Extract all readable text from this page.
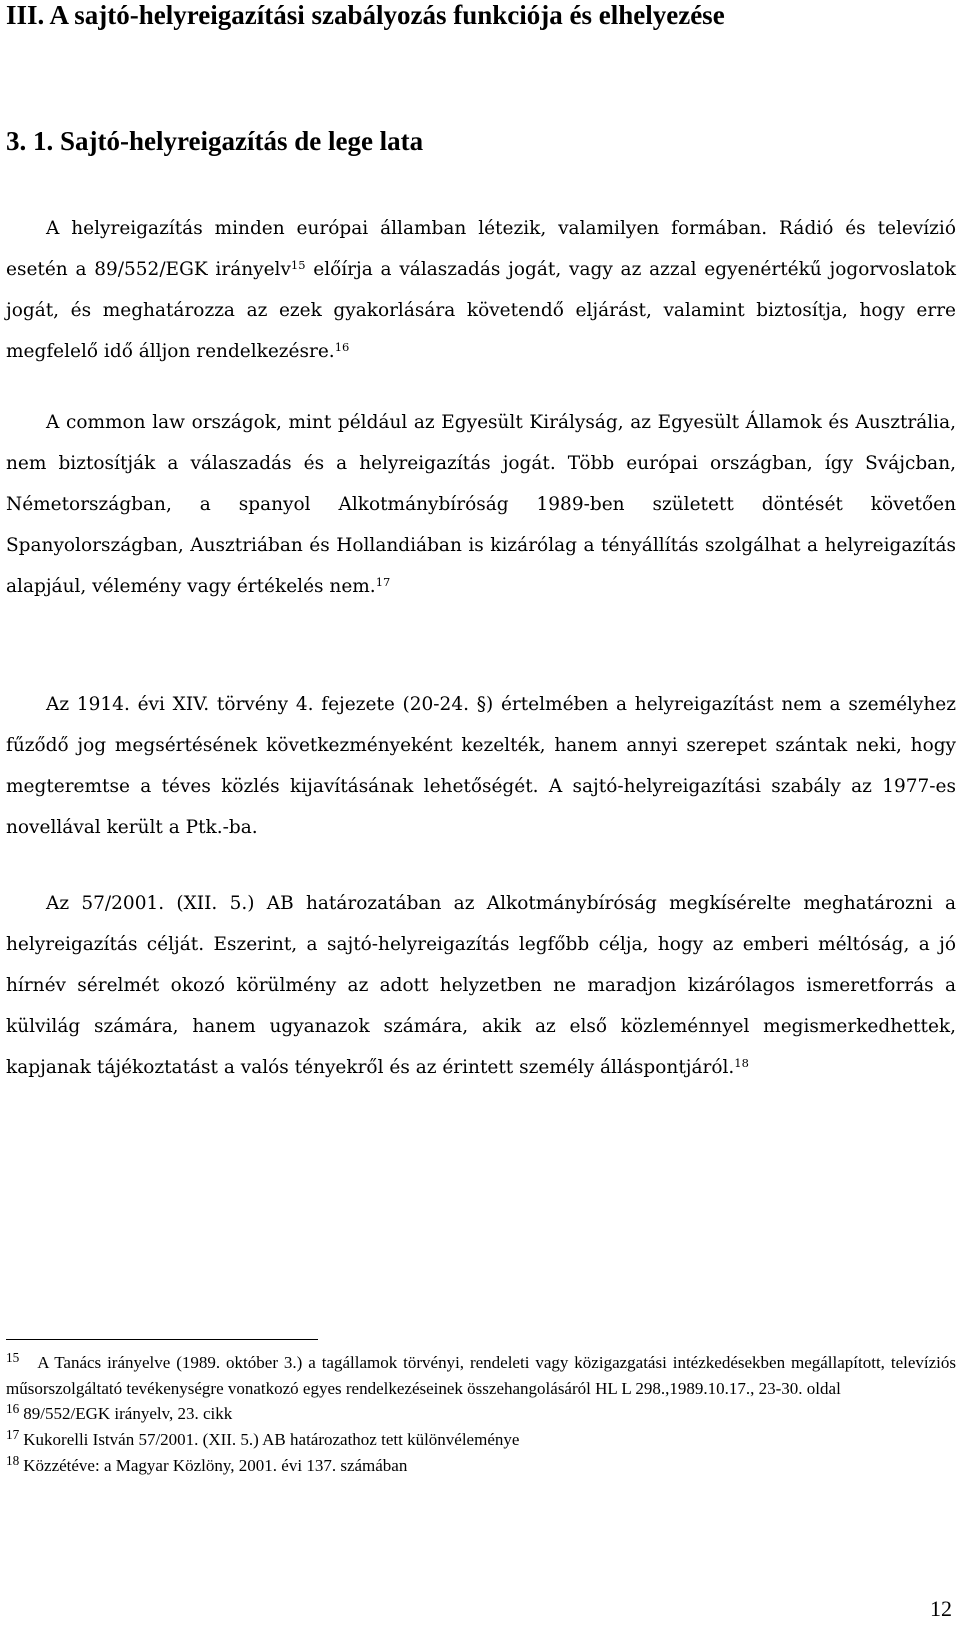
III. A sajtó-helyreigazítási szabályozás funkciója és elhelyezése
3. 1. Sajtó-helyreigazítás de lege lata

A helyreigazítás minden európai államban létezik, valamilyen formában. Rádió és televízió esetén a 89/552/EGK irányelv$^{15}$ előírja a válaszadás jogát, vagy az azzal egyenértékű jogorvoslatok jogát, és meghatározza az ezek gyakorlására követendő eljárást, valamint biztosítja, hogy erre megfelelő idő álljon rendelkezésre.$^{16}$

A common law országok, mint például az Egyesült Királyság, az Egyesült Államok és Ausztrália, nem biztosítják a válaszadás és a helyreigazítás jogát. Több európai országban, így Svájcban, Németországban, a spanyol Alkotmánybíróság 1989-ben született döntését követően Spanyolországban, Ausztriában és Hollandiában is kizárólag a tényállítás szolgálhat a helyreigazítás alapjául, vélemény vagy értékelés nem.$^{17}$

Az 1914. évi XIV. törvény 4. fejezete (20-24. §) értelmében a helyreigazítást nem a személyhez fűződő jog megsértésének következményeként kezelték, hanem annyi szerepet szántak neki, hogy megteremtse a téves közlés kijavításának lehetőségét. A sajtó-helyreigazítási szabály az 1977-es novellával került a Ptk.-ba.

Az 57/2001. (XII. 5.) AB határozatában az Alkotmánybíróság megkísérelte meghatározni a helyreigazítás célját. Eszerint, a sajtó-helyreigazítás legfőbb célja, hogy az emberi méltóság, a jó hírnév sérelmét okozó körülmény az adott helyzetben ne maradjon kizárólagos ismeretforrás a külvilág számára, hanem ugyanazok számára, akik az első közleménnyel megismerkedhettek, kapjanak tájékoztatást a valós tényekről és az érintett személy álláspontjáról.$^{18}$

$^{15}$ A Tanács irányelve (1989. október 3.) a tagállamok törvényi, rendeleti vagy közigazgatási intézkedésekben megállapított, televíziós műsorszolgáltató tevékenységre vonatkozó egyes rendelkezéseinek összehangolásáról HL L 298.,1989.10.17., 23-30. oldal

$^{16}$ 89/552/EGK irányelv, 23. cikk

$^{17}$ Kukorelli István 57/2001. (XII. 5.) AB határozathoz tett különvéleménye

$^{18}$ Közzétéve: a Magyar Közlöny, 2001. évi 137. számában

12
